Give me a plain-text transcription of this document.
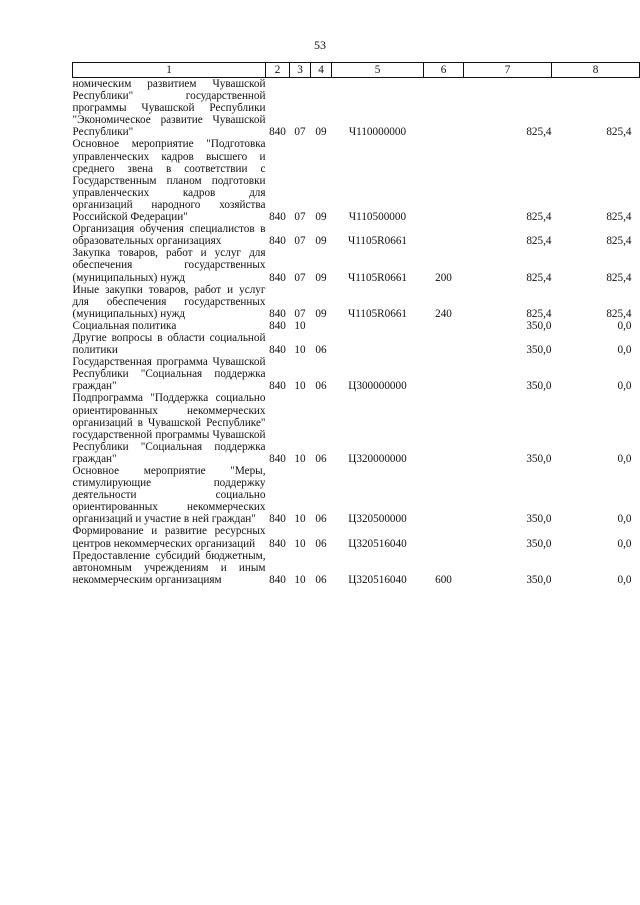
53
1	2	3	4	5	6	7	8
номическим развитием Чувашской Республики" государственной программы Чувашской Республики "Экономическое развитие Чувашской Республики"	840	07	09	Ч110000000		825,4	825,4
Основное мероприятие "Подготовка управленческих кадров высшего и среднего звена в соответствии с Государственным планом подготовки управленческих кадров для организаций народного хозяйства Российской Федерации"	840	07	09	Ч110500000		825,4	825,4
Организация обучения специалистов в образовательных организациях	840	07	09	Ч1105R0661		825,4	825,4
Закупка товаров, работ и услуг для обеспечения государственных (муниципальных) нужд	840	07	09	Ч1105R0661	200	825,4	825,4
Иные закупки товаров, работ и услуг для обеспечения государственных (муниципальных) нужд	840	07	09	Ч1105R0661	240	825,4	825,4
Социальная политика	840	10				350,0	0,0
Другие вопросы в области социальной политики	840	10	06			350,0	0,0
Государственная программа Чувашской Республики "Социальная поддержка граждан"	840	10	06	Ц300000000		350,0	0,0
Подпрограмма "Поддержка социально ориентированных некоммерческих организаций в Чувашской Республике" государственной программы Чувашской Республики "Социальная поддержка граждан"	840	10	06	Ц320000000		350,0	0,0
Основное мероприятие "Меры, стимулирующие поддержку деятельности социально ориентированных некоммерческих организаций и участие в ней граждан"	840	10	06	Ц320500000		350,0	0,0
Формирование и развитие ресурсных центров некоммерческих организаций	840	10	06	Ц320516040		350,0	0,0
Предоставление субсидий бюджетным, автономным учреждениям и иным некоммерческим организациям	840	10	06	Ц320516040	600	350,0	0,0
